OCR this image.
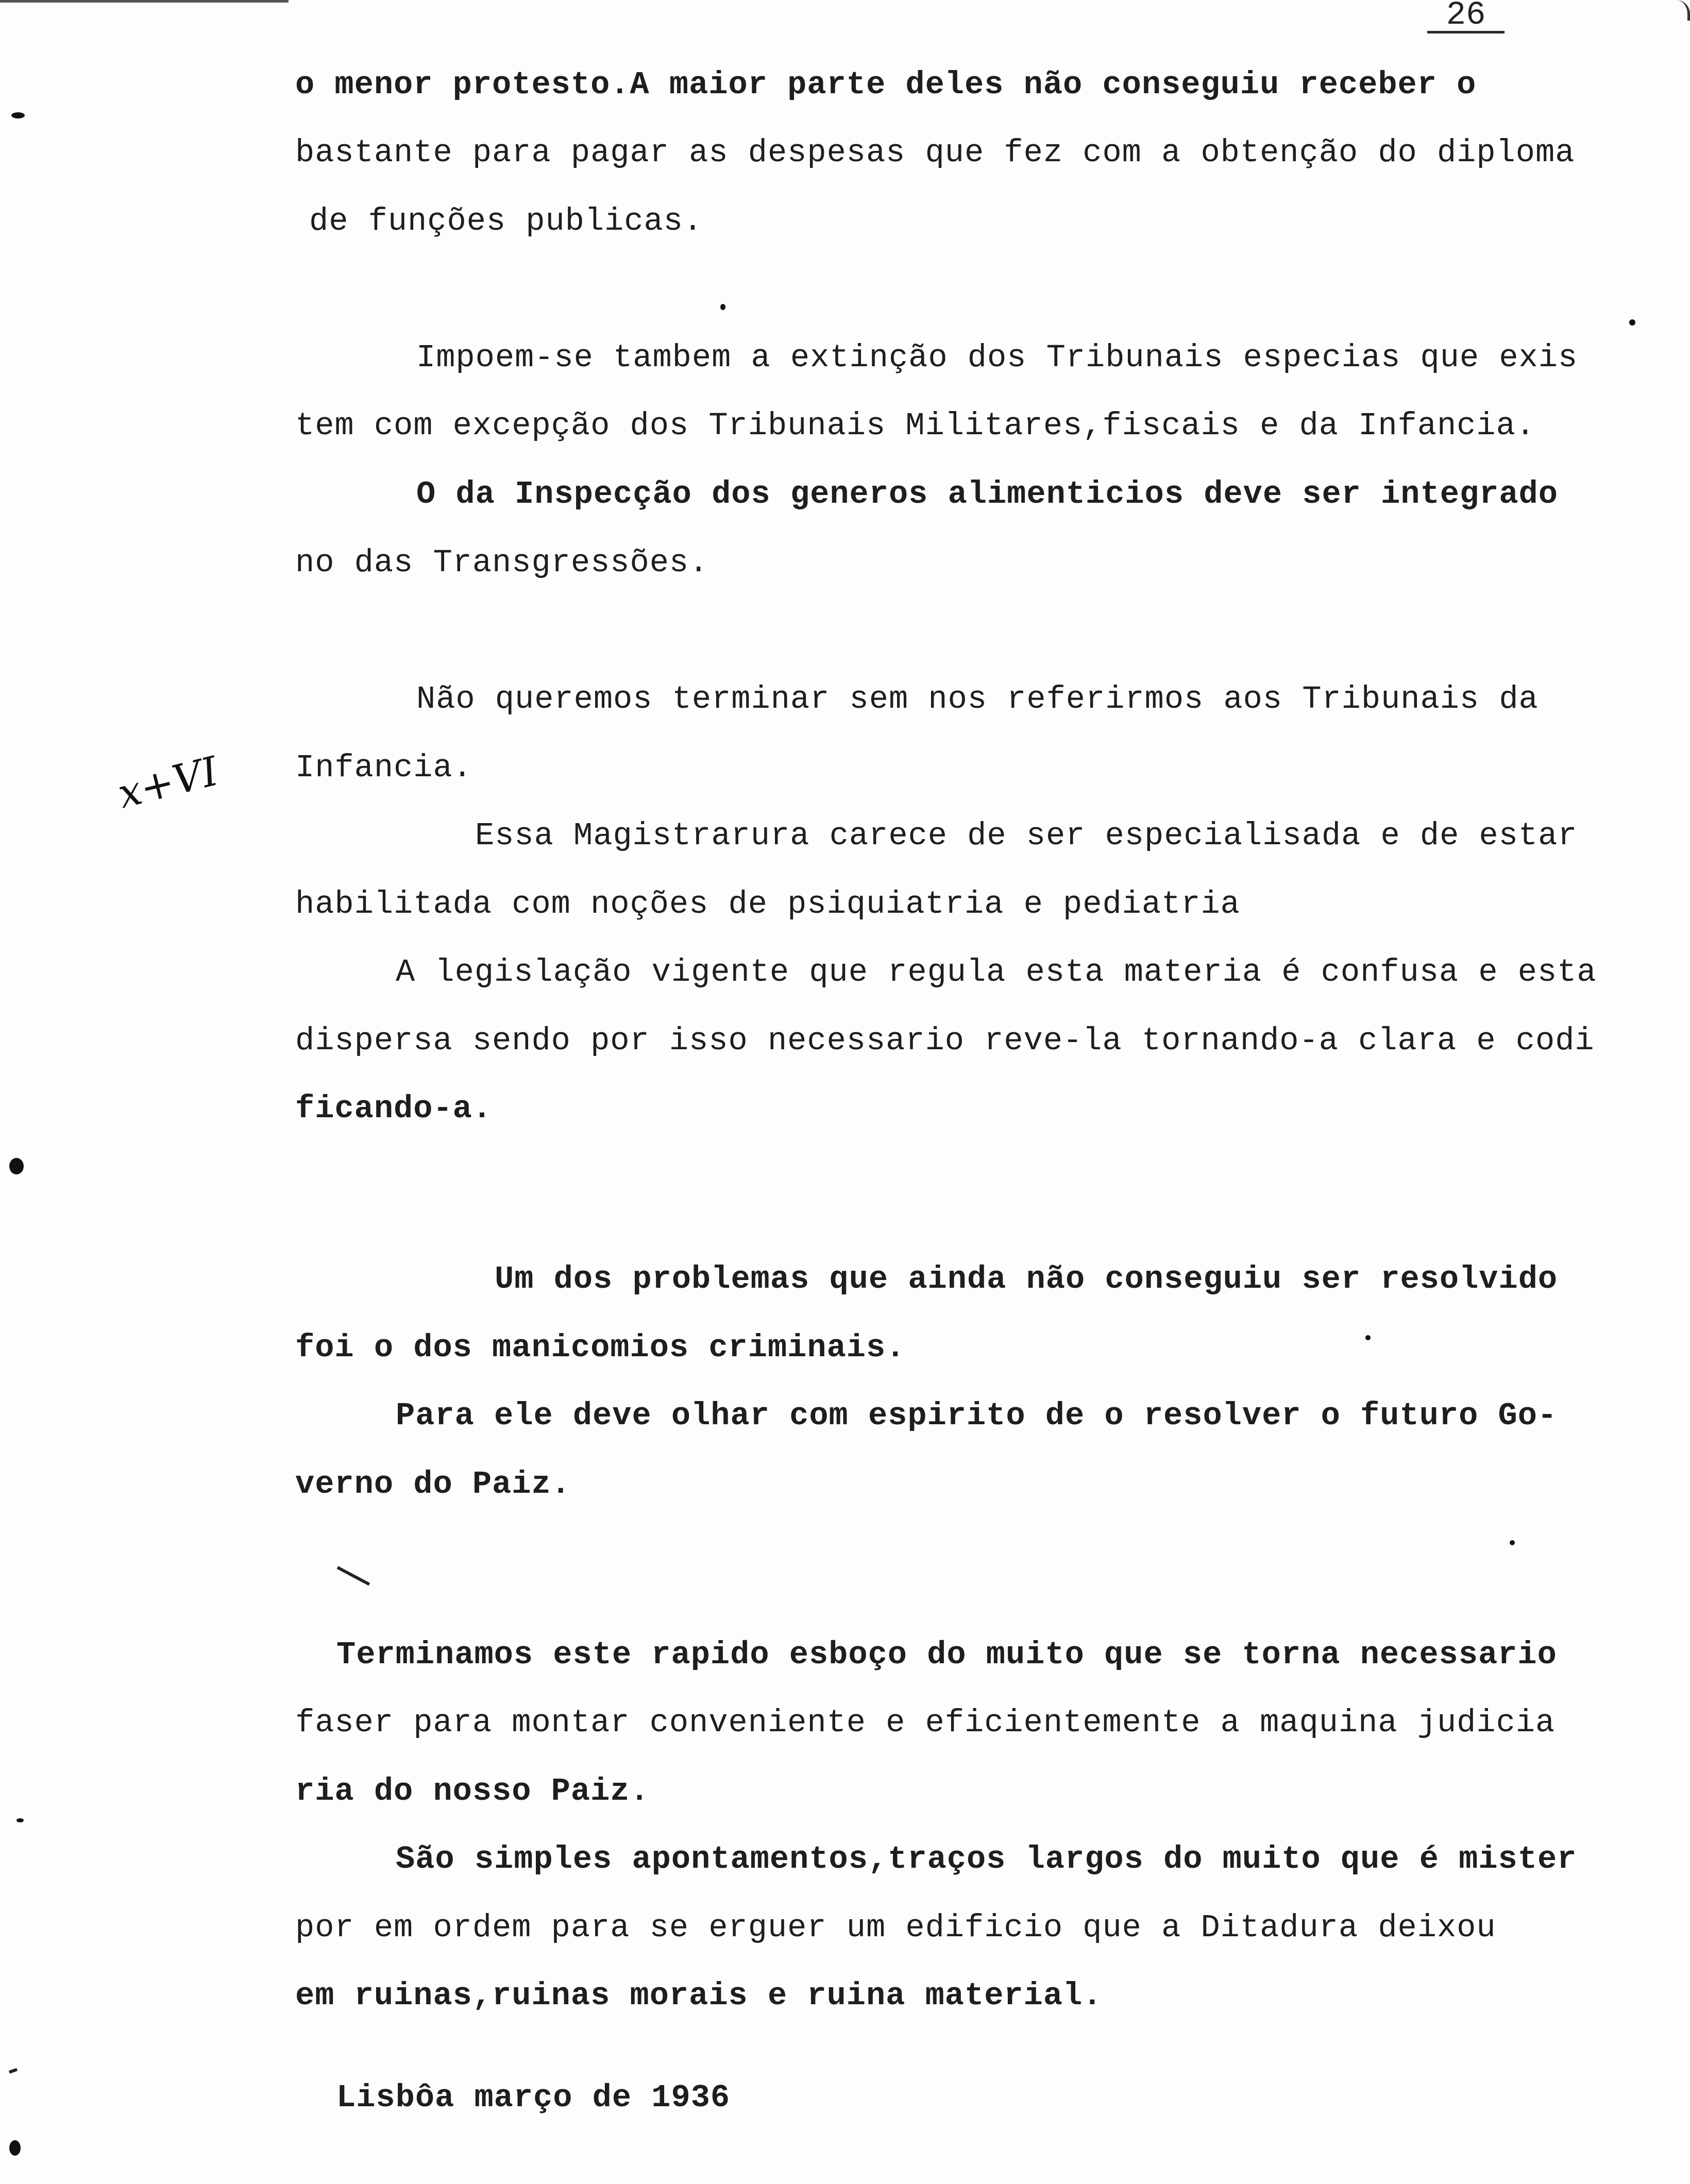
26
o menor protesto.A maior parte deles não conseguiu receber o
bastante para pagar as despesas que fez com a obtenção do diploma
de funções publicas.
Impoem-se tambem a extinção dos Tribunais especias que exis
tem com excepção dos Tribunais Militares,fiscais e da Infancia.
O da Inspecção dos generos alimenticios deve ser integrado
no das Transgressões.
Não queremos terminar sem nos referirmos aos Tribunais da
Infancia.
Essa Magistrarura carece de ser especialisada e de estar
habilitada com noções de psiquiatria e pediatria
A legislação vigente que regula esta materia é confusa e esta
dispersa sendo por isso necessario reve-la tornando-a clara e codi
ficando-a.
Um dos problemas que ainda não conseguiu ser resolvido
foi o dos manicomios criminais.
Para ele deve olhar com espirito de o resolver o futuro Go-
verno do Paiz.
Terminamos este rapido esboço do muito que se torna necessario
faser para montar conveniente e eficientemente a maquina judicia
ria do nosso Paiz.
São simples apontamentos,traços largos do muito que é mister
por em ordem para se erguer um edificio que a Ditadura deixou
em ruinas,ruinas morais e ruina material.
Lisbôa março de 1936
x+VI
